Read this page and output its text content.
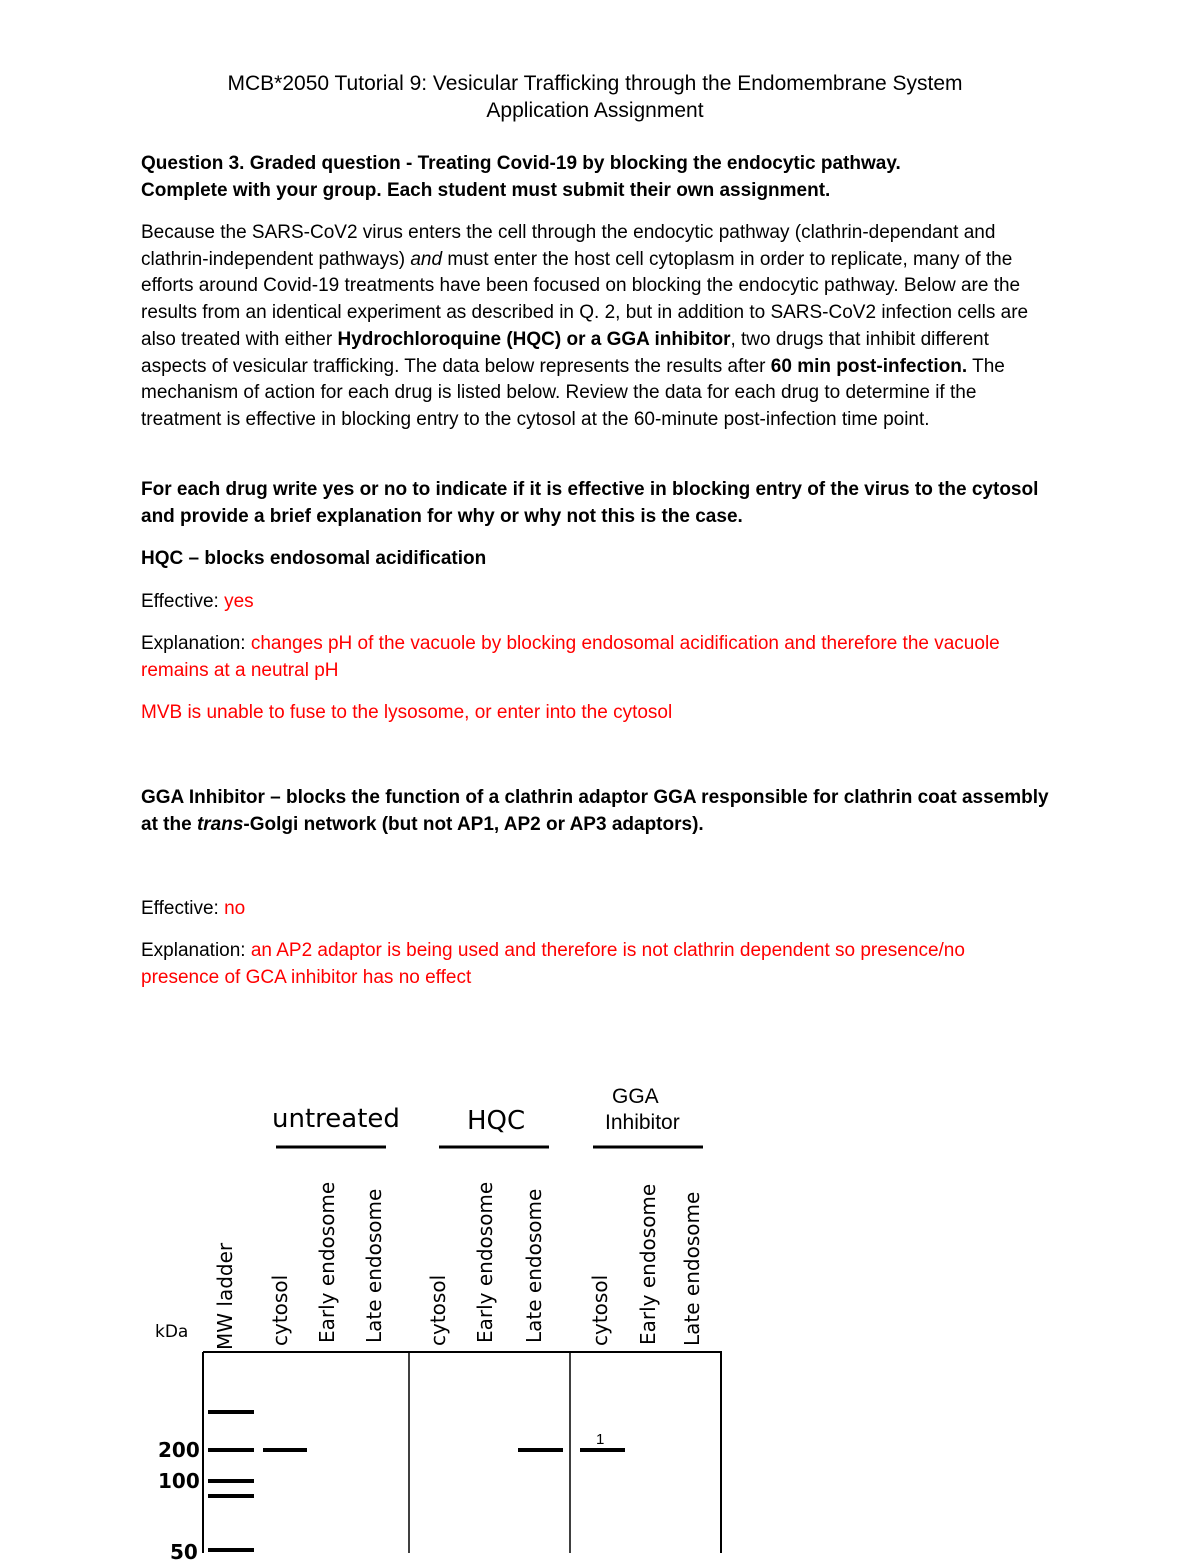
MCB*2050 Tutorial 9: Vesicular Trafficking through the Endomembrane System
Application Assignment
Question 3. Graded question - Treating Covid-19 by blocking the endocytic pathway.
Complete with your group. Each student must submit their own assignment.
Because the SARS-CoV2 virus enters the cell through the endocytic pathway (clathrin-dependant and clathrin-independent pathways) and must enter the host cell cytoplasm in order to replicate, many of the efforts around Covid-19 treatments have been focused on blocking the endocytic pathway. Below are the results from an identical experiment as described in Q. 2, but in addition to SARS-CoV2 infection cells are also treated with either Hydrochloroquine (HQC) or a GGA inhibitor, two drugs that inhibit different aspects of vesicular trafficking. The data below represents the results after 60 min post-infection. The mechanism of action for each drug is listed below. Review the data for each drug to determine if the treatment is effective in blocking entry to the cytosol at the 60-minute post-infection time point.
For each drug write yes or no to indicate if it is effective in blocking entry of the virus to the cytosol and provide a brief explanation for why or why not this is the case.
HQC – blocks endosomal acidification
Effective: yes
Explanation: changes pH of the vacuole by blocking endosomal acidification and therefore the vacuole remains at a neutral pH
MVB is unable to fuse to the lysosome, or enter into the cytosol
GGA Inhibitor – blocks the function of a clathrin adaptor GGA responsible for clathrin coat assembly at the trans-Golgi network (but not AP1, AP2 or AP3 adaptors).
Effective: no
Explanation: an AP2 adaptor is being used and therefore is not clathrin dependent so presence/no presence of GCA inhibitor has no effect
untreated	HQC
GGA
Inhibitor
kDa MW ladder cytosol Early endosome Late endosome cytosol Early endosome Late endosome cytosol Early endosome Late endosome
200
100
50
1
